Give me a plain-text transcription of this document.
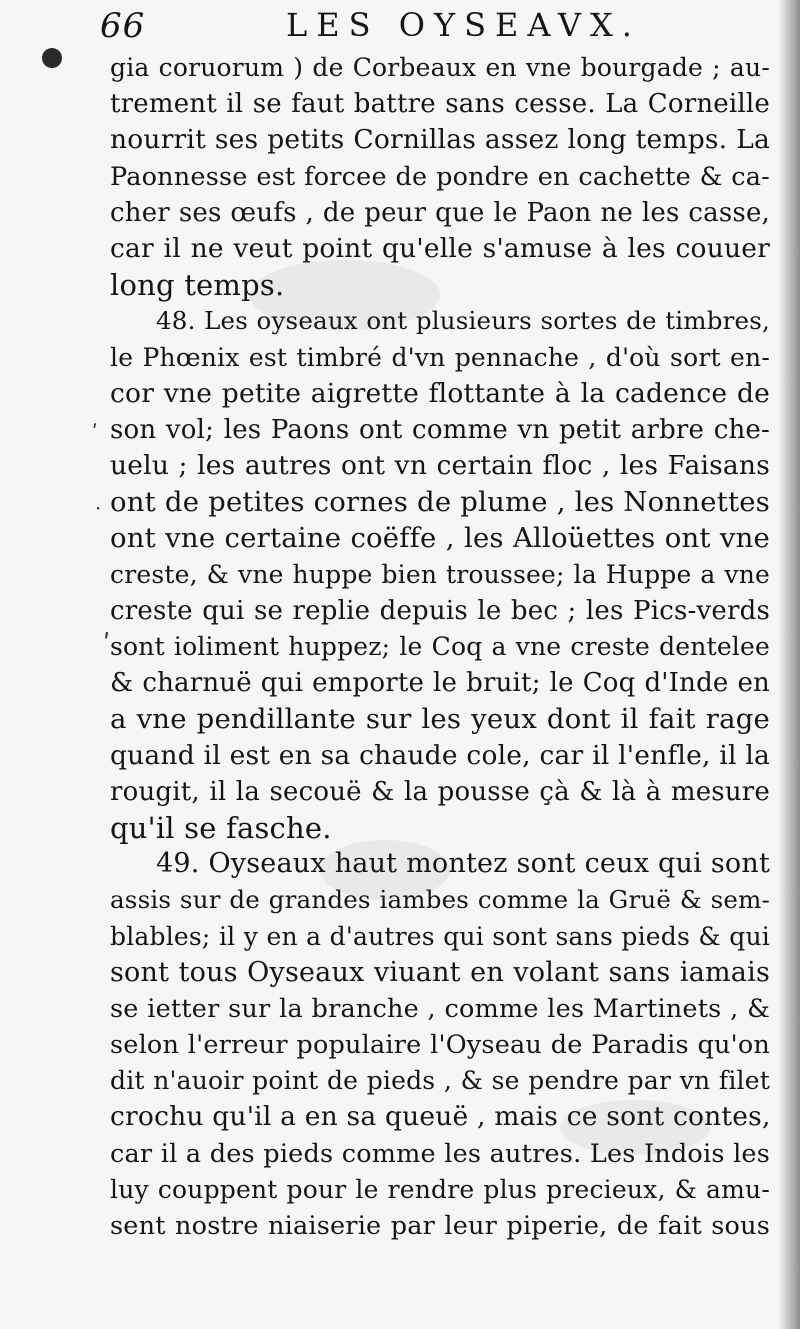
66	LES OYSEAVX.
gia coruorum ) de Corbeaux en vne bourgade ; au-
trement il se faut battre sans cesse. La Corneille
nourrit ses petits Cornillas assez long temps. La
Paonnesse est forcee de pondre en cachette & ca-
cher ses œufs , de peur que le Paon ne les casse,
car il ne veut point qu'elle s'amuse à les couuer
long temps.
48. Les oyseaux ont plusieurs sortes de timbres,
le Phœnix est timbré d'vn pennache , d'où sort en-
cor vne petite aigrette flottante à la cadence de
son vol; les Paons ont comme vn petit arbre che-
uelu ; les autres ont vn certain floc , les Faisans
ont de petites cornes de plume , les Nonnettes
ont vne certaine coëffe , les Alloüettes ont vne
creste, & vne huppe bien troussee; la Huppe a vne
creste qui se replie depuis le bec ; les Pics-verds
sont ioliment huppez; le Coq a vne creste dentelee
& charnuë qui emporte le bruit; le Coq d'Inde en
a vne pendillante sur les yeux dont il fait rage
quand il est en sa chaude cole, car il l'enfle, il la
rougit, il la secouë & la pousse çà & là à mesure
qu'il se fasche.
49. Oyseaux haut montez sont ceux qui sont
assis sur de grandes iambes comme la Gruë & sem-
blables; il y en a d'autres qui sont sans pieds & qui
sont tous Oyseaux viuant en volant sans iamais
se ietter sur la branche , comme les Martinets , &
selon l'erreur populaire l'Oyseau de Paradis qu'on
dit n'auoir point de pieds , & se pendre par vn filet
crochu qu'il a en sa queuë , mais ce sont contes,
car il a des pieds comme les autres. Les Indois les
luy couppent pour le rendre plus precieux, & amu-
sent nostre niaiserie par leur piperie, de fait sous
ʹ
·
ʹ
